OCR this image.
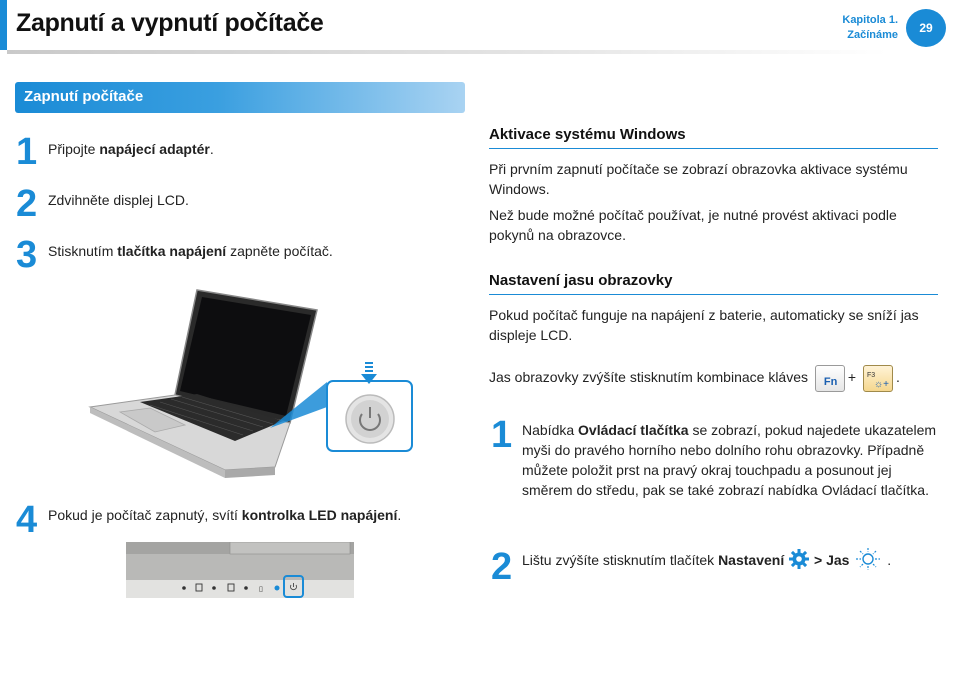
Zapnutí a vypnutí počítače	Kapitola 1.
Začínáme	29
Zapnutí počítače
1 Připojte napájecí adaptér.
2 Zdvihněte displej LCD.
3 Stisknutím tlačítka napájení zapněte počítač.
4 Pokud je počítač zapnutý, svítí kontrolka LED napájení.
▯
Aktivace systému Windows
Při prvním zapnutí počítače se zobrazí obrazovka aktivace systému Windows.
Než bude možné počítač používat, je nutné provést aktivaci podle pokynů na obrazovce.
Nastavení jasu obrazovky
Pokud počítač funguje na napájení z baterie, automaticky se sníží jas displeje LCD.
Jas obrazovky zvýšíte stisknutím kombinace kláves Fn + F3
☼+ .
1 Nabídka Ovládací tlačítka se zobrazí, pokud najedete ukazatelem myši do pravého horního nebo dolního rohu obrazovky. Případně můžete položit prst na pravý okraj touchpadu a posunout jej směrem do středu, pak se také zobrazí nabídka Ovládací tlačítka.
2 Lištu zvýšíte stisknutím tlačítek Nastavení > Jas	.
